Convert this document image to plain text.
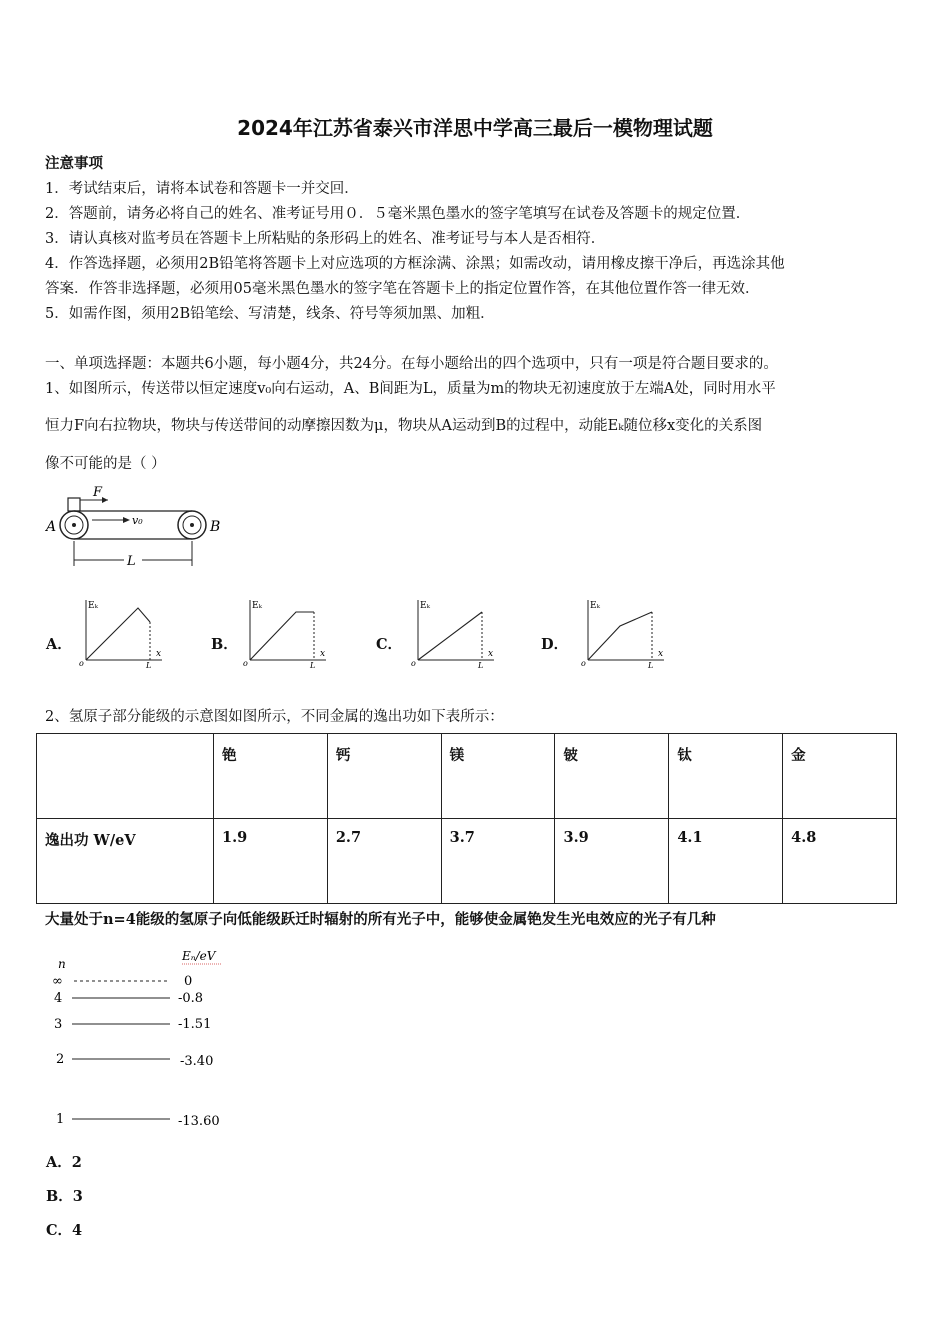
2024年江苏省泰兴市洋思中学高三最后一模物理试题
注意事项
1．考试结束后，请将本试卷和答题卡一并交回．
2．答题前，请务必将自己的姓名、准考证号用０．５毫米黑色墨水的签字笔填写在试卷及答题卡的规定位置．
3．请认真核对监考员在答题卡上所粘贴的条形码上的姓名、准考证号与本人是否相符．
4．作答选择题，必须用2B铅笔将答题卡上对应选项的方框涂满、涂黑；如需改动，请用橡皮擦干净后，再选涂其他
答案．作答非选择题，必须用05毫米黑色墨水的签字笔在答题卡上的指定位置作答，在其他位置作答一律无效．
5．如需作图，须用2B铅笔绘、写清楚，线条、符号等须加黑、加粗．
一、单项选择题：本题共6小题，每小题4分，共24分。在每小题给出的四个选项中，只有一项是符合题目要求的。
1、如图所示，传送带以恒定速度v₀向右运动，A、B间距为L，质量为m的物块无初速度放于左端A处，同时用水平
恒力F向右拉物块，物块与传送带间的动摩擦因数为μ，物块从A运动到B的过程中，动能Eₖ随位移x变化的关系图
像不可能的是（ ）
F
v₀
A	B
L
A．
Eₖ
x
o	L
B．
Eₖ
x
o	L
C．
Eₖ
x
o	L
D．
Eₖ
x
o	L
2、氢原子部分能级的示意图如图所示，不同金属的逸出功如下表所示：
	铯	钙	镁	铍	钛	金
逸出功 W/eV	1.9	2.7	3.7	3.9	4.1	4.8
大量处于n=4能级的氢原子向低能级跃迁时辐射的所有光子中，能够使金属铯发生光电效应的光子有几种
n
Eₙ/eV
∞	0
4	-0.8
3	-1.51
2	-3.40
1	-13.60
A．2
B．3
C．4
